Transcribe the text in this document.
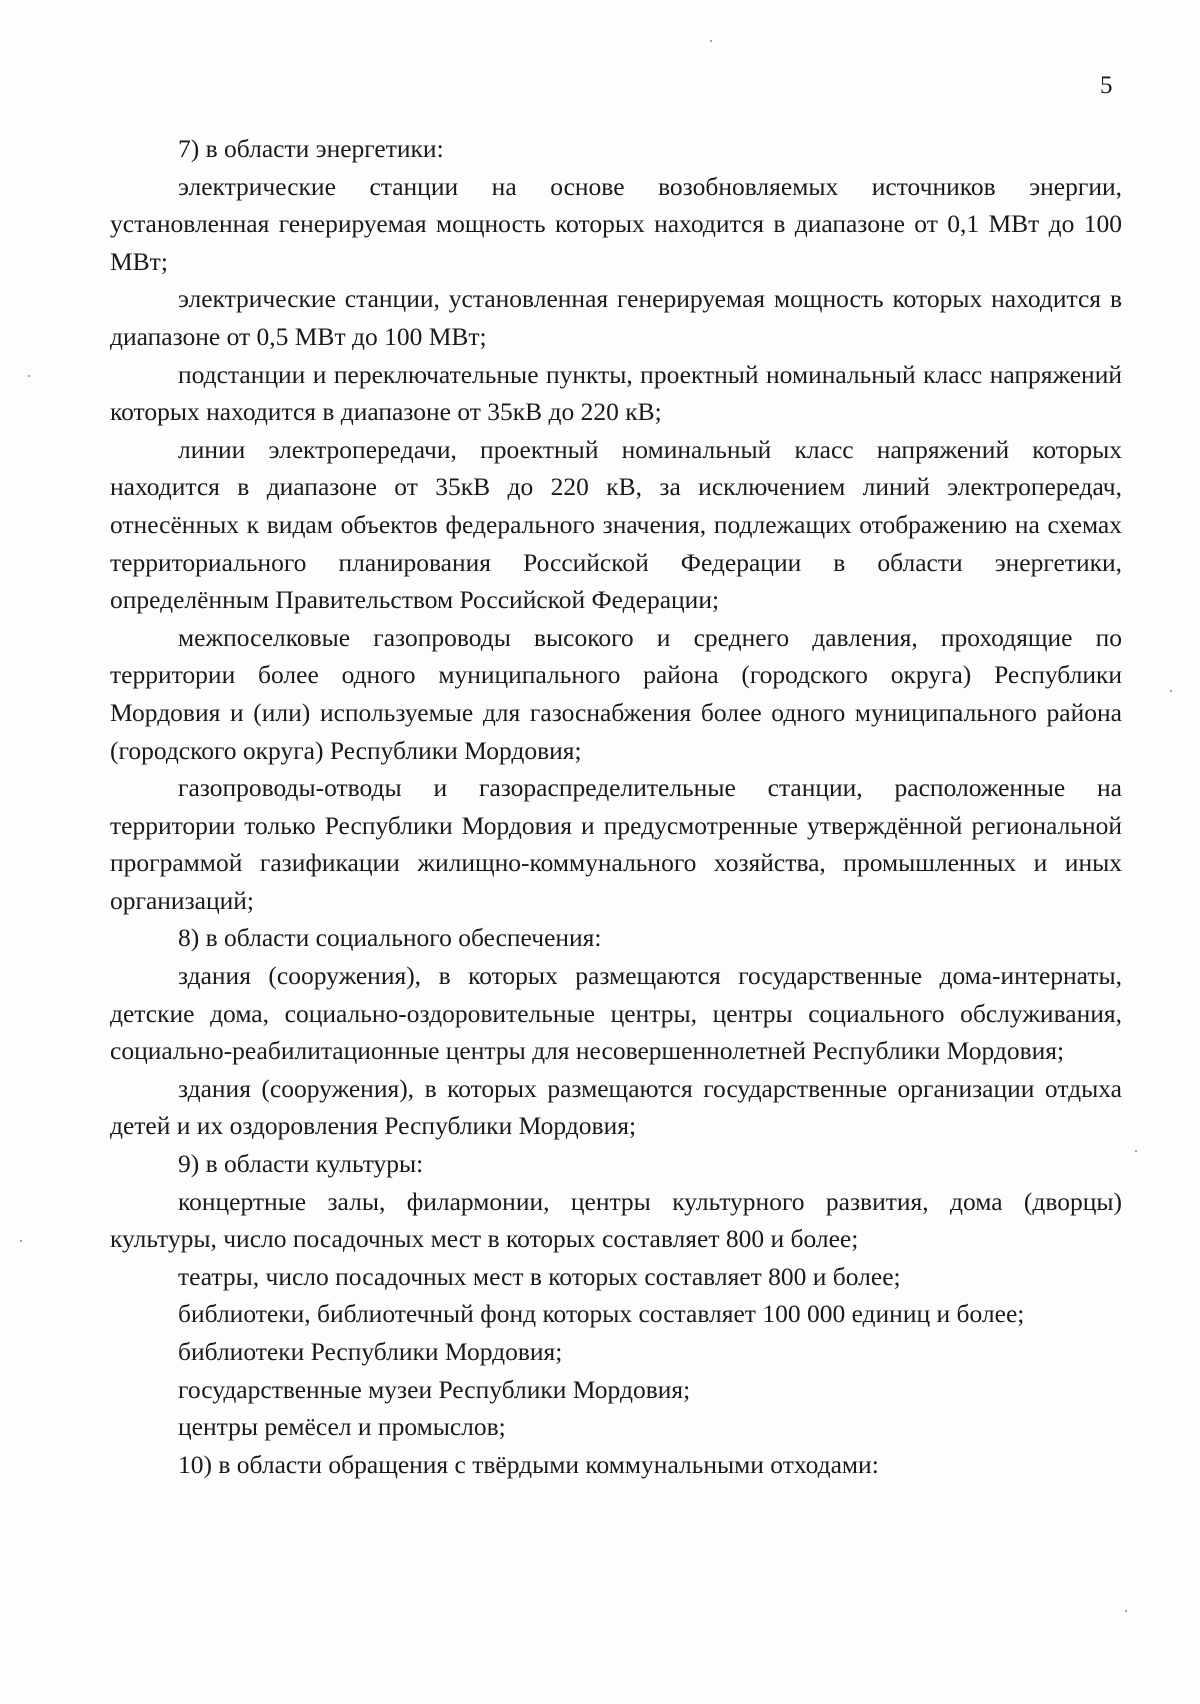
5

7) в области энергетики:

электрические станции на основе возобновляемых источников энергии, установленная генерируемая мощность которых находится в диапазоне от 0,1 МВт до 100 МВт;

электрические станции, установленная генерируемая мощность которых находится в диапазоне от 0,5 МВт до 100 МВт;

подстанции и переключательные пункты, проектный номинальный класс напряжений которых находится в диапазоне от 35кВ до 220 кВ;

линии электропередачи, проектный номинальный класс напряжений которых находится в диапазоне от 35кВ до 220 кВ, за исключением линий электропередач, отнесённых к видам объектов федерального значения, подлежащих отображению на схемах территориального планирования Российской Федерации в области энергетики, определённым Правительством Российской Федерации;

межпоселковые газопроводы высокого и среднего давления, проходящие по территории более одного муниципального района (городского округа) Республики Мордовия и (или) используемые для газоснабжения более одного муниципального района (городского округа) Республики Мордовия;

газопроводы-отводы и газораспределительные станции, расположенные на территории только Республики Мордовия и предусмотренные утверждённой региональной программой газификации жилищно-коммунального хозяйства, промышленных и иных организаций;

8) в области социального обеспечения:

здания (сооружения), в которых размещаются государственные дома-интернаты, детские дома, социально-оздоровительные центры, центры социального обслуживания, социально-реабилитационные центры для несовершеннолетней Республики Мордовия;

здания (сооружения), в которых размещаются государственные организации отдыха детей и их оздоровления Республики Мордовия;

9) в области культуры:

концертные залы, филармонии, центры культурного развития, дома (дворцы) культуры, число посадочных мест в которых составляет 800 и более;

театры, число посадочных мест в которых составляет 800 и более;

библиотеки, библиотечный фонд которых составляет 100 000 единиц и более;

библиотеки Республики Мордовия;

государственные музеи Республики Мордовия;

центры ремёсел и промыслов;

10) в области обращения с твёрдыми коммунальными отходами:
